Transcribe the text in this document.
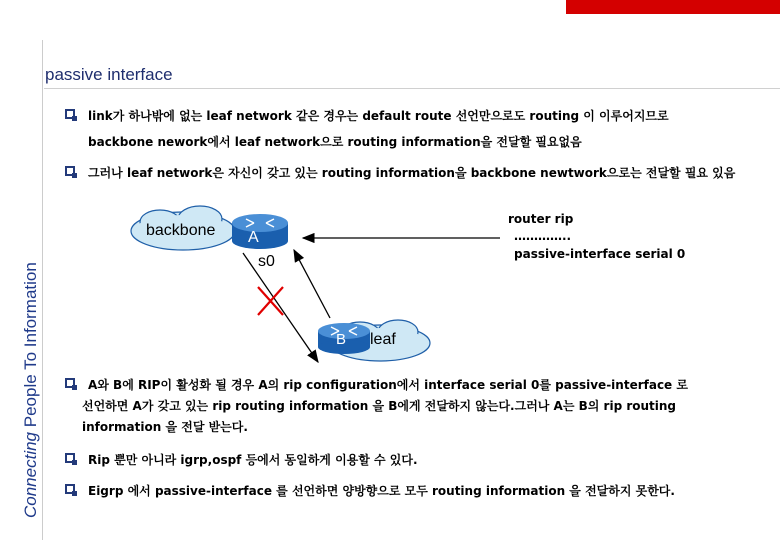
Connecting People To Information
passive interface
link가 하나밖에 없는 leaf network 같은 경우는 default route 선언만으로도 routing 이 이루어지므로
backbone nework에서 leaf network으로 routing information을 전달할 필요없음
그러나 leaf network은 자신이 갖고 있는 routing information을 backbone newtwork으로는 전달할 필요 있음
backbone A
s0
B leaf
router rip
…………..
passive-interface serial 0
A와 B에 RIP이 활성화 될 경우 A의 rip configuration에서 interface serial 0를 passive-interface 로
선언하면 A가 갖고 있는 rip routing information 을 B에게 전달하지 않는다.그러나 A는 B의 rip routing
information 을 전달 받는다.
Rip 뿐만 아니라 igrp,ospf 등에서 동일하게 이용할 수 있다.
Eigrp 에서 passive-interface 를 선언하면 양방향으로 모두 routing information 을 전달하지 못한다.
